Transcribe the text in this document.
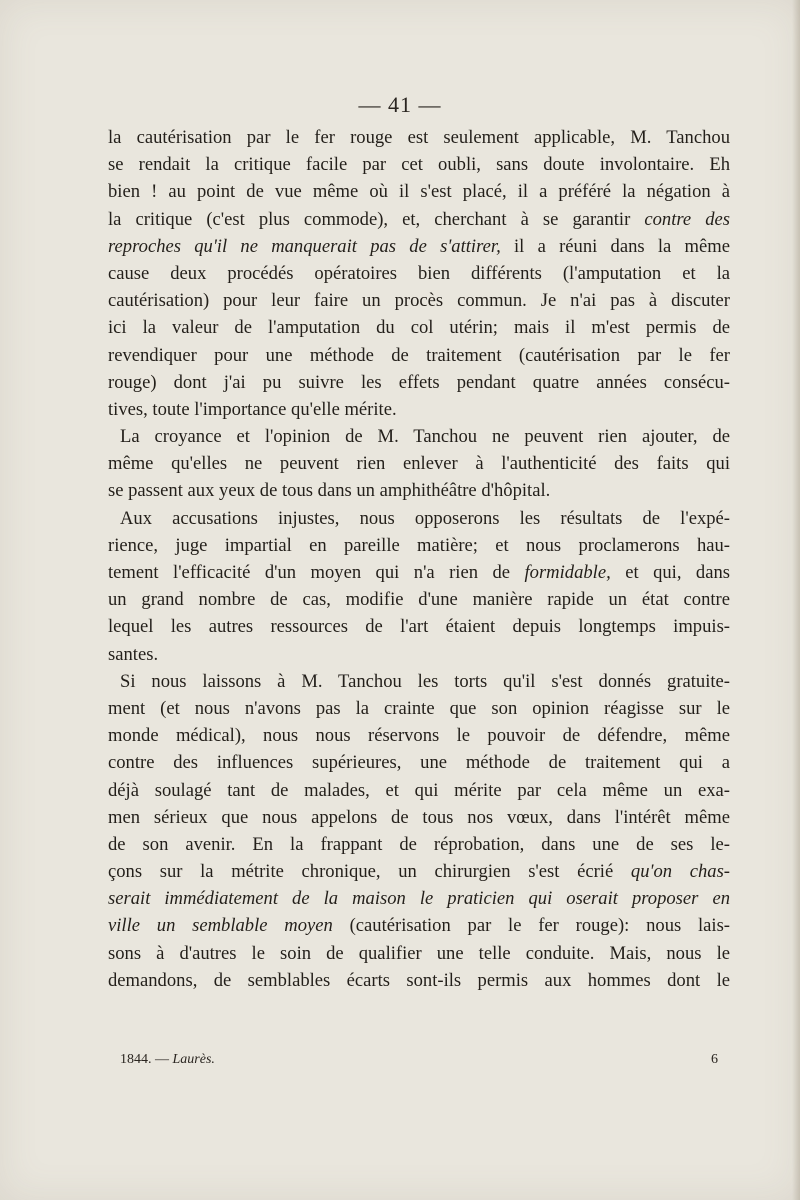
— 41 —
la cautérisation par le fer rouge est seulement applicable, M. Tanchou
se rendait la critique facile par cet oubli, sans doute involontaire. Eh
bien ! au point de vue même où il s'est placé, il a préféré la négation à
la critique (c'est plus commode), et, cherchant à se garantir contre des
reproches qu'il ne manquerait pas de s'attirer, il a réuni dans la même
cause deux procédés opératoires bien différents (l'amputation et la
cautérisation) pour leur faire un procès commun. Je n'ai pas à discuter
ici la valeur de l'amputation du col utérin; mais il m'est permis de
revendiquer pour une méthode de traitement (cautérisation par le fer
rouge) dont j'ai pu suivre les effets pendant quatre années consécu-
tives, toute l'importance qu'elle mérite.
La croyance et l'opinion de M. Tanchou ne peuvent rien ajouter, de
même qu'elles ne peuvent rien enlever à l'authenticité des faits qui
se passent aux yeux de tous dans un amphithéâtre d'hôpital.
Aux accusations injustes, nous opposerons les résultats de l'expé-
rience, juge impartial en pareille matière; et nous proclamerons hau-
tement l'efficacité d'un moyen qui n'a rien de formidable, et qui, dans
un grand nombre de cas, modifie d'une manière rapide un état contre
lequel les autres ressources de l'art étaient depuis longtemps impuis-
santes.
Si nous laissons à M. Tanchou les torts qu'il s'est donnés gratuite-
ment (et nous n'avons pas la crainte que son opinion réagisse sur le
monde médical), nous nous réservons le pouvoir de défendre, même
contre des influences supérieures, une méthode de traitement qui a
déjà soulagé tant de malades, et qui mérite par cela même un exa-
men sérieux que nous appelons de tous nos vœux, dans l'intérêt même
de son avenir. En la frappant de réprobation, dans une de ses le-
çons sur la métrite chronique, un chirurgien s'est écrié qu'on chas-
serait immédiatement de la maison le praticien qui oserait proposer en
ville un semblable moyen (cautérisation par le fer rouge): nous lais-
sons à d'autres le soin de qualifier une telle conduite. Mais, nous le
demandons, de semblables écarts sont-ils permis aux hommes dont le
1844. — Laurès.	6
